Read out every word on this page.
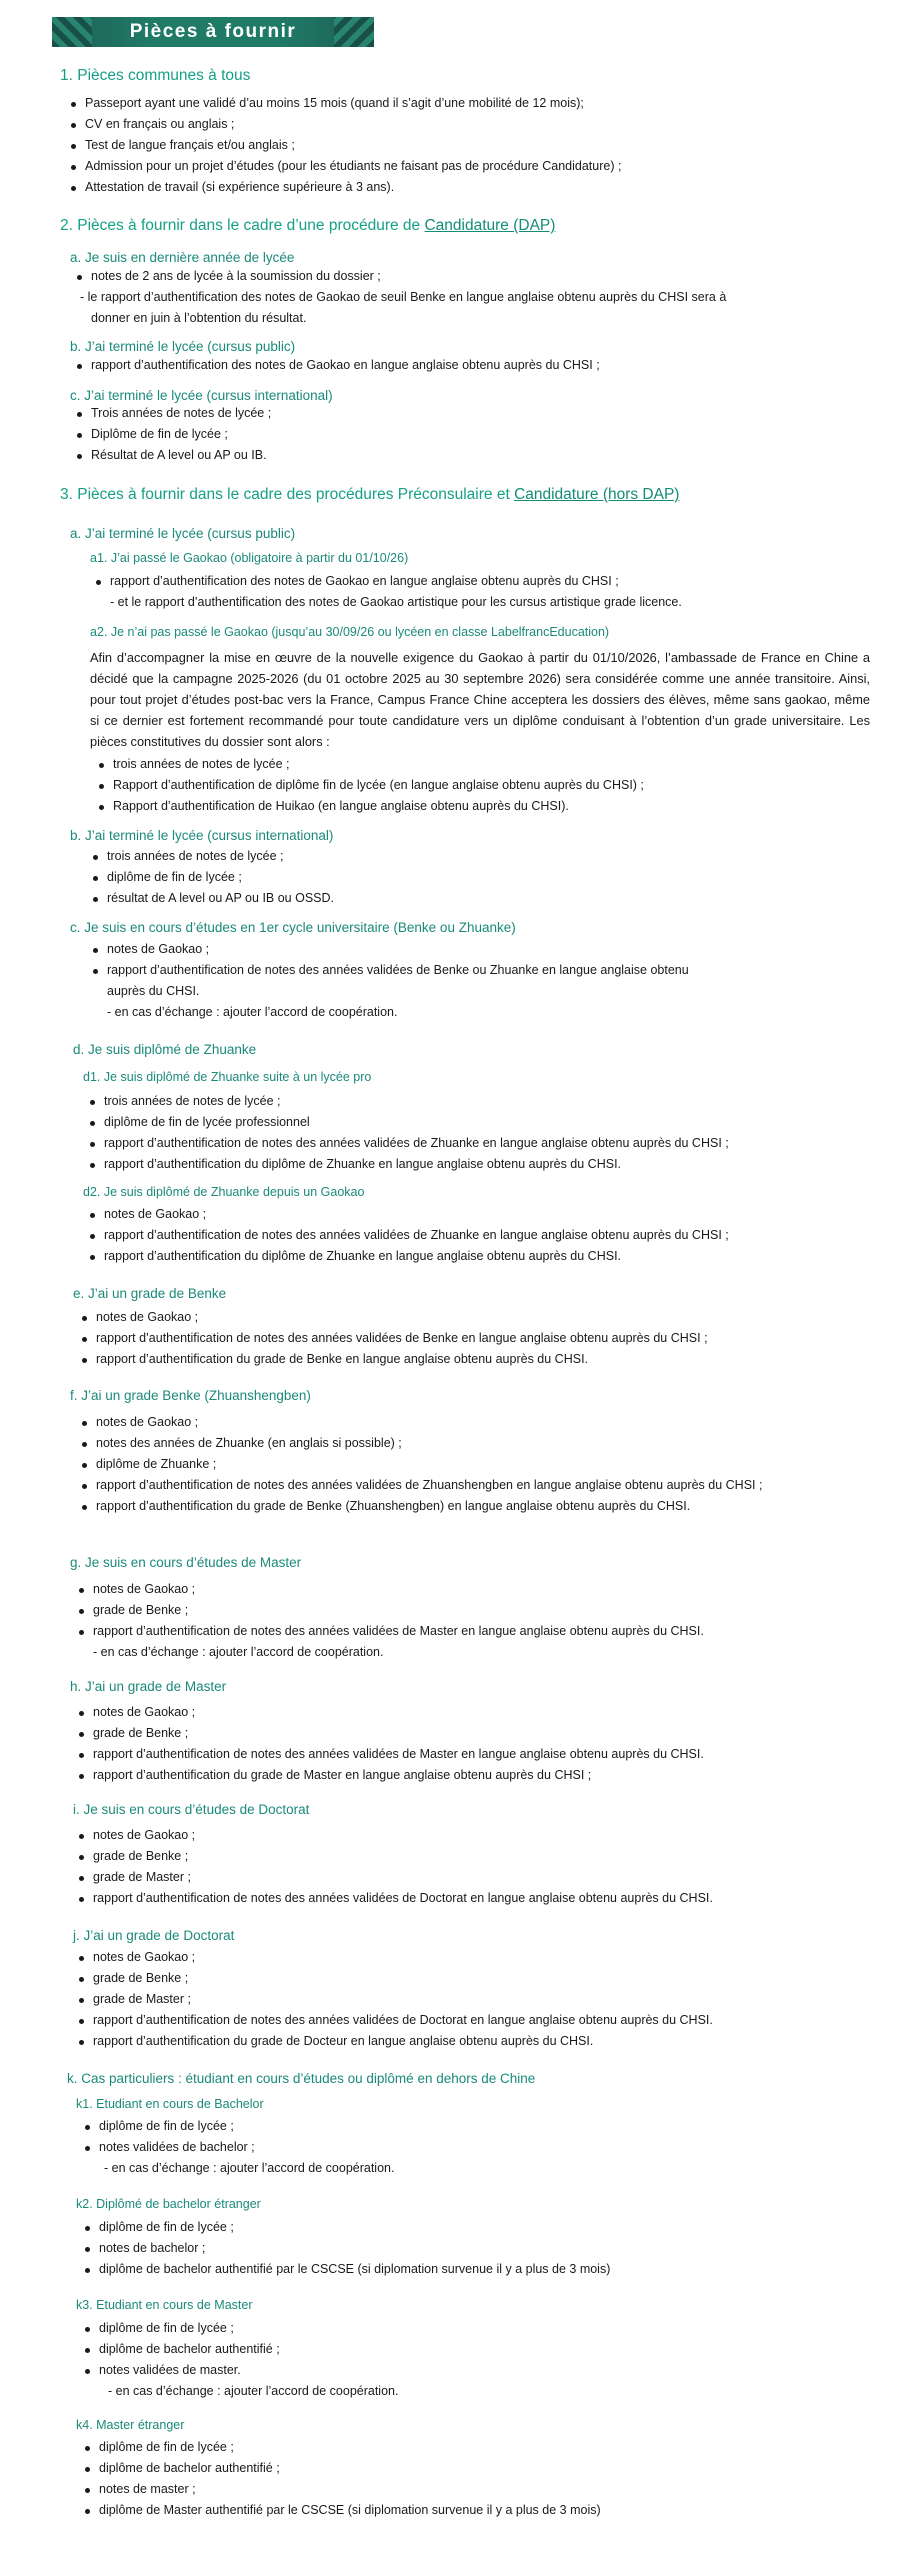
Pièces à fournir
1. Pièces communes à tous
Passeport ayant une validé d’au moins 15 mois (quand il s’agit d’une mobilité de 12 mois);
CV en français ou anglais ;
Test de langue français et/ou anglais ;
Admission pour un projet d’études (pour les étudiants ne faisant pas de procédure Candidature) ;
Attestation de travail (si expérience supérieure à 3 ans).
2. Pièces à fournir dans le cadre d’une procédure de Candidature (DAP)
a. Je suis en dernière année de lycée
notes de 2 ans de lycée à la soumission du dossier ;
- le rapport d’authentification des notes de Gaokao de seuil Benke en langue anglaise obtenu auprès du CHSI sera à
donner en juin à l’obtention du résultat.
b. J’ai terminé le lycée (cursus public)
rapport d’authentification des notes de Gaokao en langue anglaise obtenu auprès du CHSI ;
c. J’ai terminé le lycée (cursus international)
Trois années de notes de lycée ;
Diplôme de fin de lycée ;
Résultat de A level ou AP ou IB.
3. Pièces à fournir dans le cadre des procédures Préconsulaire et Candidature (hors DAP)
a. J’ai terminé le lycée (cursus public)
a1. J’ai passé le Gaokao (obligatoire à partir du 01/10/26)
rapport d’authentification des notes de Gaokao en langue anglaise obtenu auprès du CHSI ;
- et le rapport d’authentification des notes de Gaokao artistique pour les cursus artistique grade licence.
a2. Je n’ai pas passé le Gaokao (jusqu’au 30/09/26 ou lycéen en classe LabelfrancEducation)
Afin d’accompagner la mise en œuvre de la nouvelle exigence du Gaokao à partir du 01/10/2026, l’ambassade de France en Chine a décidé que la campagne 2025-2026 (du 01 octobre 2025 au 30 septembre 2026) sera considérée comme une année transitoire. Ainsi, pour tout projet d’études post-bac vers la France, Campus France Chine acceptera les dossiers des élèves, même sans gaokao, même si ce dernier est fortement recommandé pour toute candidature vers un diplôme conduisant à l’obtention d’un grade universitaire. Les pièces constitutives du dossier sont alors :
trois années de notes de lycée ;
Rapport d’authentification de diplôme fin de lycée (en langue anglaise obtenu auprès du CHSI) ;
Rapport d’authentification de Huikao (en langue anglaise obtenu auprès du CHSI).
b. J’ai terminé le lycée (cursus international)
trois années de notes de lycée ;
diplôme de fin de lycée ;
résultat de A level ou AP ou IB ou OSSD.
c. Je suis en cours d’études en 1er cycle universitaire (Benke ou Zhuanke)
notes de Gaokao ;
rapport d’authentification de notes des années validées de Benke ou Zhuanke en langue anglaise obtenu
auprès du CHSI.
- en cas d’échange : ajouter l’accord de coopération.
d. Je suis diplômé de Zhuanke
d1. Je suis diplômé de Zhuanke suite à un lycée pro
trois années de notes de lycée ;
diplôme de fin de lycée professionnel
rapport d’authentification de notes des années validées de Zhuanke en langue anglaise obtenu auprès du CHSI ;
rapport d’authentification du diplôme de Zhuanke en langue anglaise obtenu auprès du CHSI.
d2. Je suis diplômé de Zhuanke depuis un Gaokao
notes de Gaokao ;
rapport d’authentification de notes des années validées de Zhuanke en langue anglaise obtenu auprès du CHSI ;
rapport d’authentification du diplôme de Zhuanke en langue anglaise obtenu auprès du CHSI.
e. J’ai un grade de Benke
notes de Gaokao ;
rapport d’authentification de notes des années validées de Benke en langue anglaise obtenu auprès du CHSI ;
rapport d’authentification du grade de Benke en langue anglaise obtenu auprès du CHSI.
f. J’ai un grade Benke (Zhuanshengben)
notes de Gaokao ;
notes des années de Zhuanke (en anglais si possible) ;
diplôme de Zhuanke ;
rapport d’authentification de notes des années validées de Zhuanshengben en langue anglaise obtenu auprès du CHSI ;
rapport d’authentification du grade de Benke (Zhuanshengben) en langue anglaise obtenu auprès du CHSI.
g. Je suis en cours d’études de Master
notes de Gaokao ;
grade de Benke ;
rapport d’authentification de notes des années validées de Master en langue anglaise obtenu auprès du CHSI.
- en cas d’échange : ajouter l’accord de coopération.
h. J’ai un grade de Master
notes de Gaokao ;
grade de Benke ;
rapport d’authentification de notes des années validées de Master en langue anglaise obtenu auprès du CHSI.
rapport d’authentification du grade de Master en langue anglaise obtenu auprès du CHSI ;
i. Je suis en cours d’études de Doctorat
notes de Gaokao ;
grade de Benke ;
grade de Master ;
rapport d’authentification de notes des années validées de Doctorat en langue anglaise obtenu auprès du CHSI.
j. J’ai un grade de Doctorat
notes de Gaokao ;
grade de Benke ;
grade de Master ;
rapport d’authentification de notes des années validées de Doctorat en langue anglaise obtenu auprès du CHSI.
rapport d’authentification du grade de Docteur en langue anglaise obtenu auprès du CHSI.
k. Cas particuliers : étudiant en cours d’études ou diplômé en dehors de Chine
k1. Etudiant en cours de Bachelor
diplôme de fin de lycée ;
notes validées de bachelor ;
- en cas d’échange : ajouter l’accord de coopération.
k2. Diplômé de bachelor étranger
diplôme de fin de lycée ;
notes de bachelor ;
diplôme de bachelor authentifié par le CSCSE (si diplomation survenue il y a plus de 3 mois)
k3. Etudiant en cours de Master
diplôme de fin de lycée ;
diplôme de bachelor authentifié ;
notes validées de master.
- en cas d’échange : ajouter l’accord de coopération.
k4. Master étranger
diplôme de fin de lycée ;
diplôme de bachelor authentifié ;
notes de master ;
diplôme de Master authentifié par le CSCSE (si diplomation survenue il y a plus de 3 mois)
